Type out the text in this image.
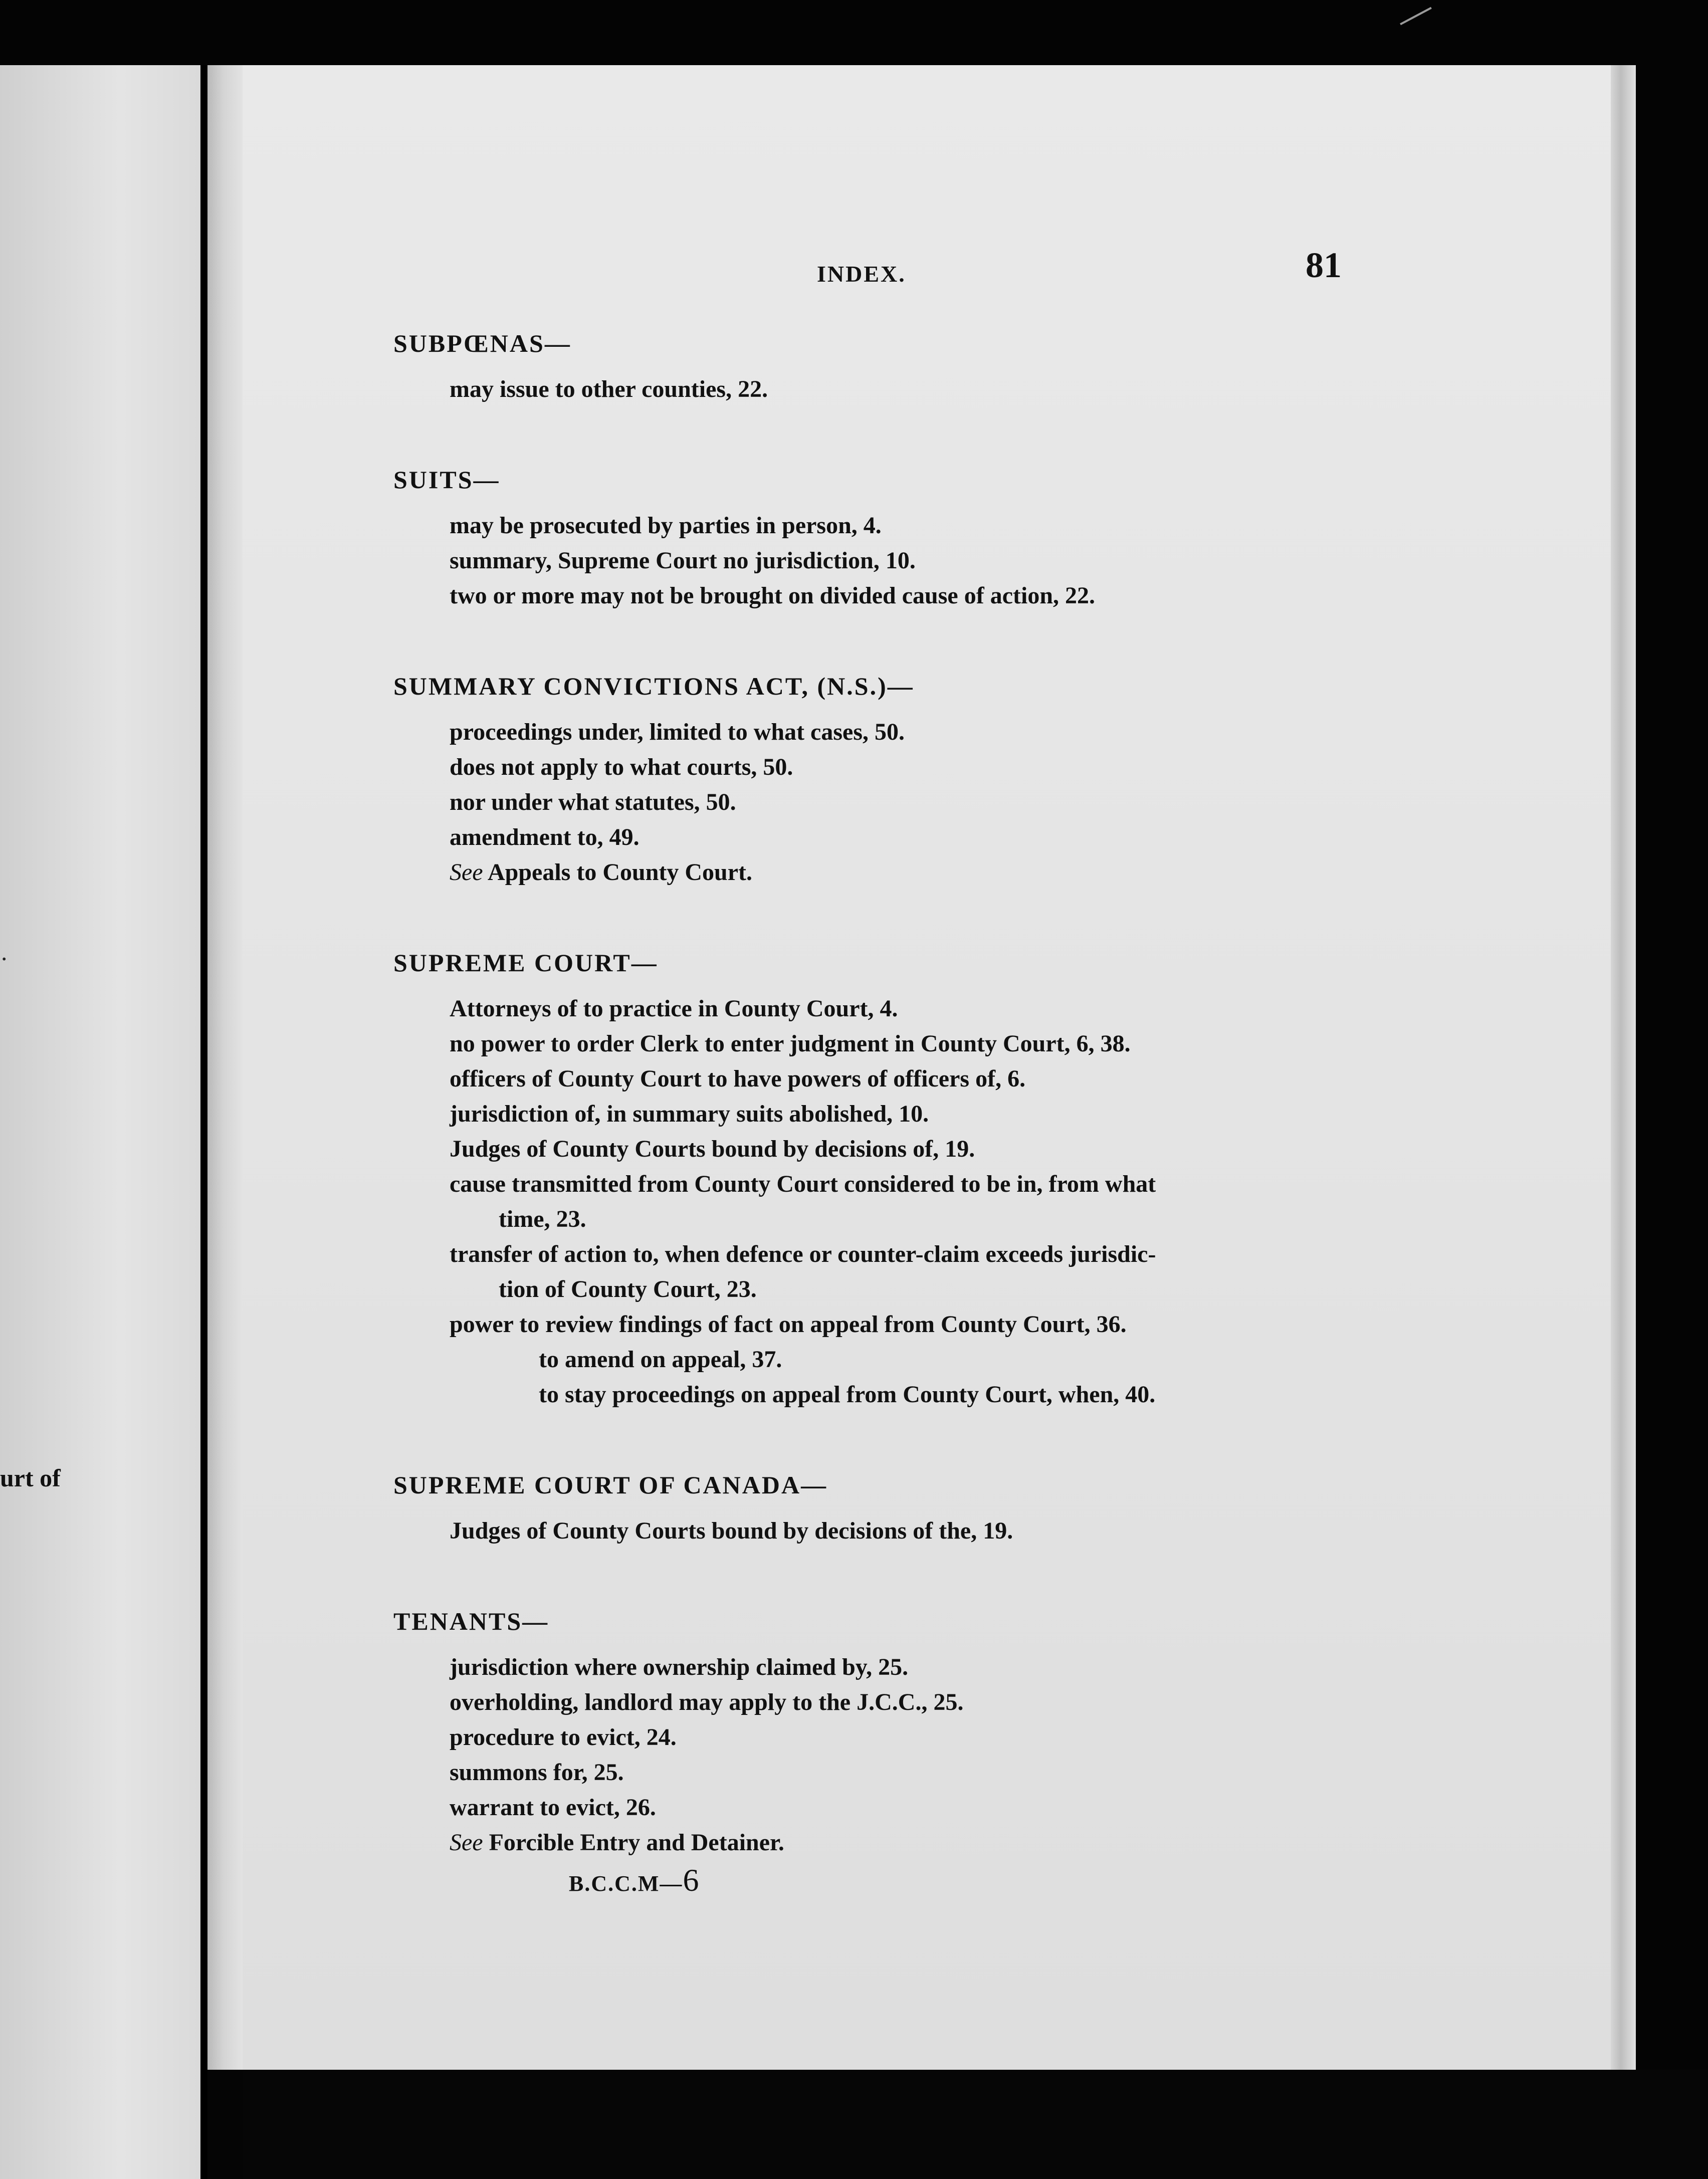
.
urt of
INDEX.	81
SUBPŒNAS—
may issue to other counties, 22.
SUITS—
may be prosecuted by parties in person, 4.
summary, Supreme Court no jurisdiction, 10.
two or more may not be brought on divided cause of action, 22.
SUMMARY CONVICTIONS ACT, (N.S.)—
proceedings under, limited to what cases, 50.
does not apply to what courts, 50.
nor under what statutes, 50.
amendment to, 49.
See Appeals to County Court.
SUPREME COURT—
Attorneys of to practice in County Court, 4.
no power to order Clerk to enter judgment in County Court, 6, 38.
officers of County Court to have powers of officers of, 6.
jurisdiction of, in summary suits abolished, 10.
Judges of County Courts bound by decisions of, 19.
cause transmitted from County Court considered to be in, from what
time, 23.
transfer of action to, when defence or counter-claim exceeds jurisdic-
tion of County Court, 23.
power to review findings of fact on appeal from County Court, 36.
to amend on appeal, 37.
to stay proceedings on appeal from County Court, when, 40.
SUPREME COURT OF CANADA—
Judges of County Courts bound by decisions of the, 19.
TENANTS—
jurisdiction where ownership claimed by, 25.
overholding, landlord may apply to the J.C.C., 25.
procedure to evict, 24.
summons for, 25.
warrant to evict, 26.
See Forcible Entry and Detainer.
B.C.C.M—6
